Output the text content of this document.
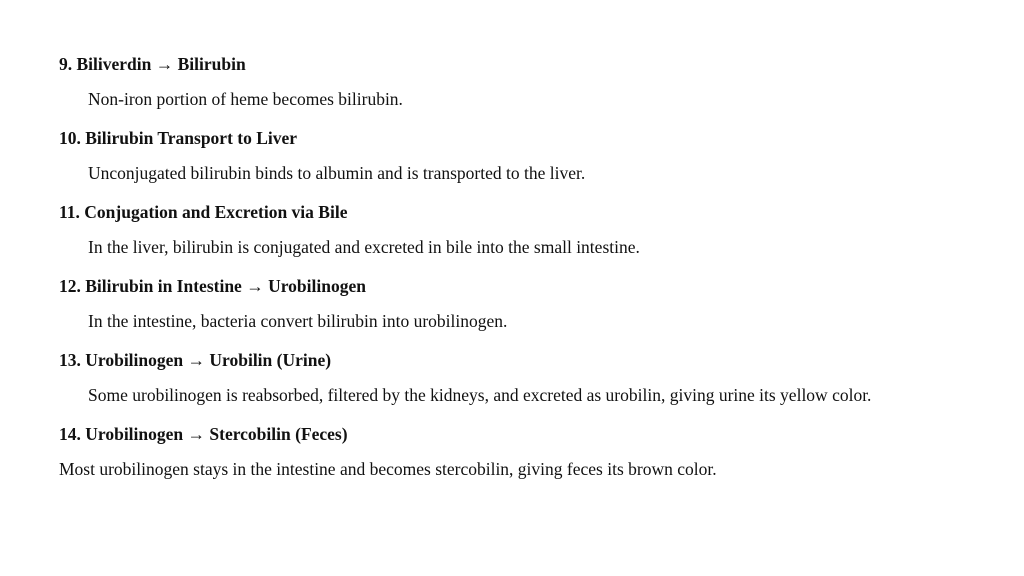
9. Biliverdin → Bilirubin

Non-iron portion of heme becomes bilirubin.

10. Bilirubin Transport to Liver

Unconjugated bilirubin binds to albumin and is transported to the liver.

11. Conjugation and Excretion via Bile

In the liver, bilirubin is conjugated and excreted in bile into the small intestine.

12. Bilirubin in Intestine → Urobilinogen

In the intestine, bacteria convert bilirubin into urobilinogen.

13. Urobilinogen → Urobilin (Urine)

Some urobilinogen is reabsorbed, filtered by the kidneys, and excreted as urobilin, giving urine its yellow color.

14. Urobilinogen → Stercobilin (Feces)

Most urobilinogen stays in the intestine and becomes stercobilin, giving feces its brown color.
